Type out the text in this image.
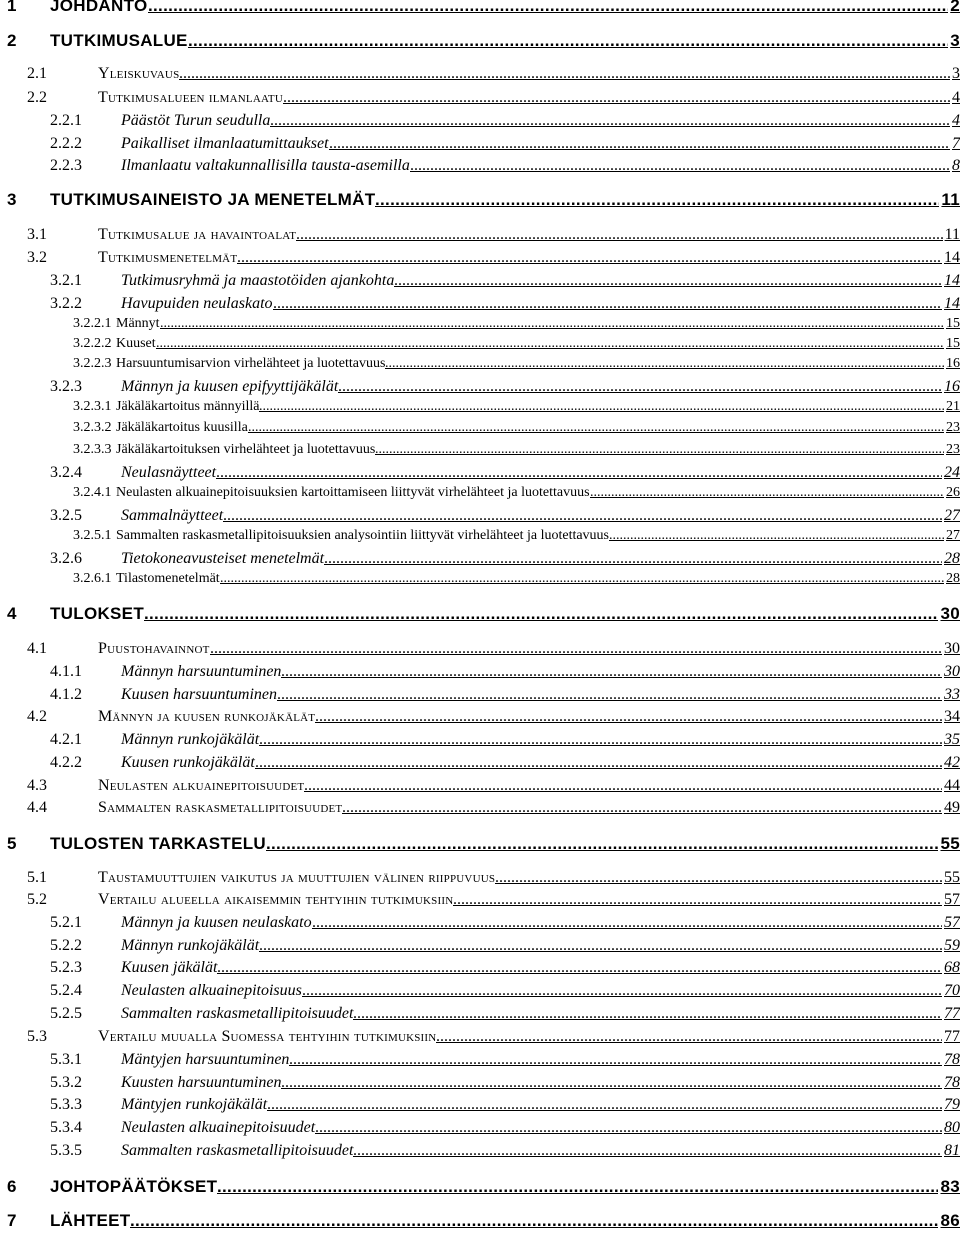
1 JOHDANTO .....	2
2 TUTKIMUSALUE .....	3
2.1	Yleiskuvaus .....	3
2.2	Tutkimusalueen ilmanlaatu .....	4
2.2.1 Päästöt Turun seudulla .....	4
2.2.2 Paikalliset ilmanlaatumittaukset .....	7
2.2.3 Ilmanlaatu valtakunnallisilla tausta-asemilla .....	8
3 TUTKIMUSAINEISTO JA MENETELMÄT .....	11
3.1	Tutkimusalue ja havaintoalat .....	11
3.2	Tutkimusmenetelmät .....	14
3.2.1 Tutkimusryhmä ja maastotöiden ajankohta .....	14
3.2.2 Havupuiden neulaskato .....	14
3.2.2.1 Männyt .....	15
3.2.2.2 Kuuset .....	15
3.2.2.3 Harsuuntumisarvion virhelähteet ja luotettavuus .....	16
3.2.3 Männyn ja kuusen epifyyttijäkälät .....	16
3.2.3.1 Jäkäläkartoitus männyillä .....	21
3.2.3.2 Jäkäläkartoitus kuusilla .....	23
3.2.3.3 Jäkäläkartoituksen virhelähteet ja luotettavuus .....	23
3.2.4 Neulasnäytteet .....	24
3.2.4.1 Neulasten alkuainepitoisuuksien kartoittamiseen liittyvät virhelähteet ja luotettavuus .....	26
3.2.5 Sammalnäytteet .....	27
3.2.5.1 Sammalten raskasmetallipitoisuuksien analysointiin liittyvät virhelähteet ja luotettavuus .....	27
3.2.6 Tietokoneavusteiset menetelmät .....	28
3.2.6.1 Tilastomenetelmät .....	28
4 TULOKSET .....	30
4.1	Puustohavainnot .....	30
4.1.1 Männyn harsuuntuminen .....	30
4.1.2 Kuusen harsuuntuminen .....	33
4.2	Männyn ja kuusen runkojäkälät .....	34
4.2.1 Männyn runkojäkälät .....	35
4.2.2 Kuusen runkojäkälät .....	42
4.3	Neulasten alkuainepitoisuudet .....	44
4.4	Sammalten raskasmetallipitoisuudet .....	49
5 TULOSTEN TARKASTELU .....	55
5.1	Taustamuuttujien vaikutus ja muuttujien välinen riippuvuus .....	55
5.2	Vertailu alueella aikaisemmin tehtyihin tutkimuksiin .....	57
5.2.1 Männyn ja kuusen neulaskato .....	57
5.2.2 Männyn runkojäkälät .....	59
5.2.3 Kuusen jäkälät .....	68
5.2.4 Neulasten alkuainepitoisuus .....	70
5.2.5 Sammalten raskasmetallipitoisuudet .....	77
5.3	Vertailu muualla Suomessa tehtyihin tutkimuksiin .....	77
5.3.1 Mäntyjen harsuuntuminen .....	78
5.3.2 Kuusten harsuuntuminen .....	78
5.3.3 Mäntyjen runkojäkälät .....	79
5.3.4 Neulasten alkuainepitoisuudet .....	80
5.3.5 Sammalten raskasmetallipitoisuudet .....	81
6 JOHTOPÄÄTÖKSET .....	83
7 LÄHTEET .....	86
